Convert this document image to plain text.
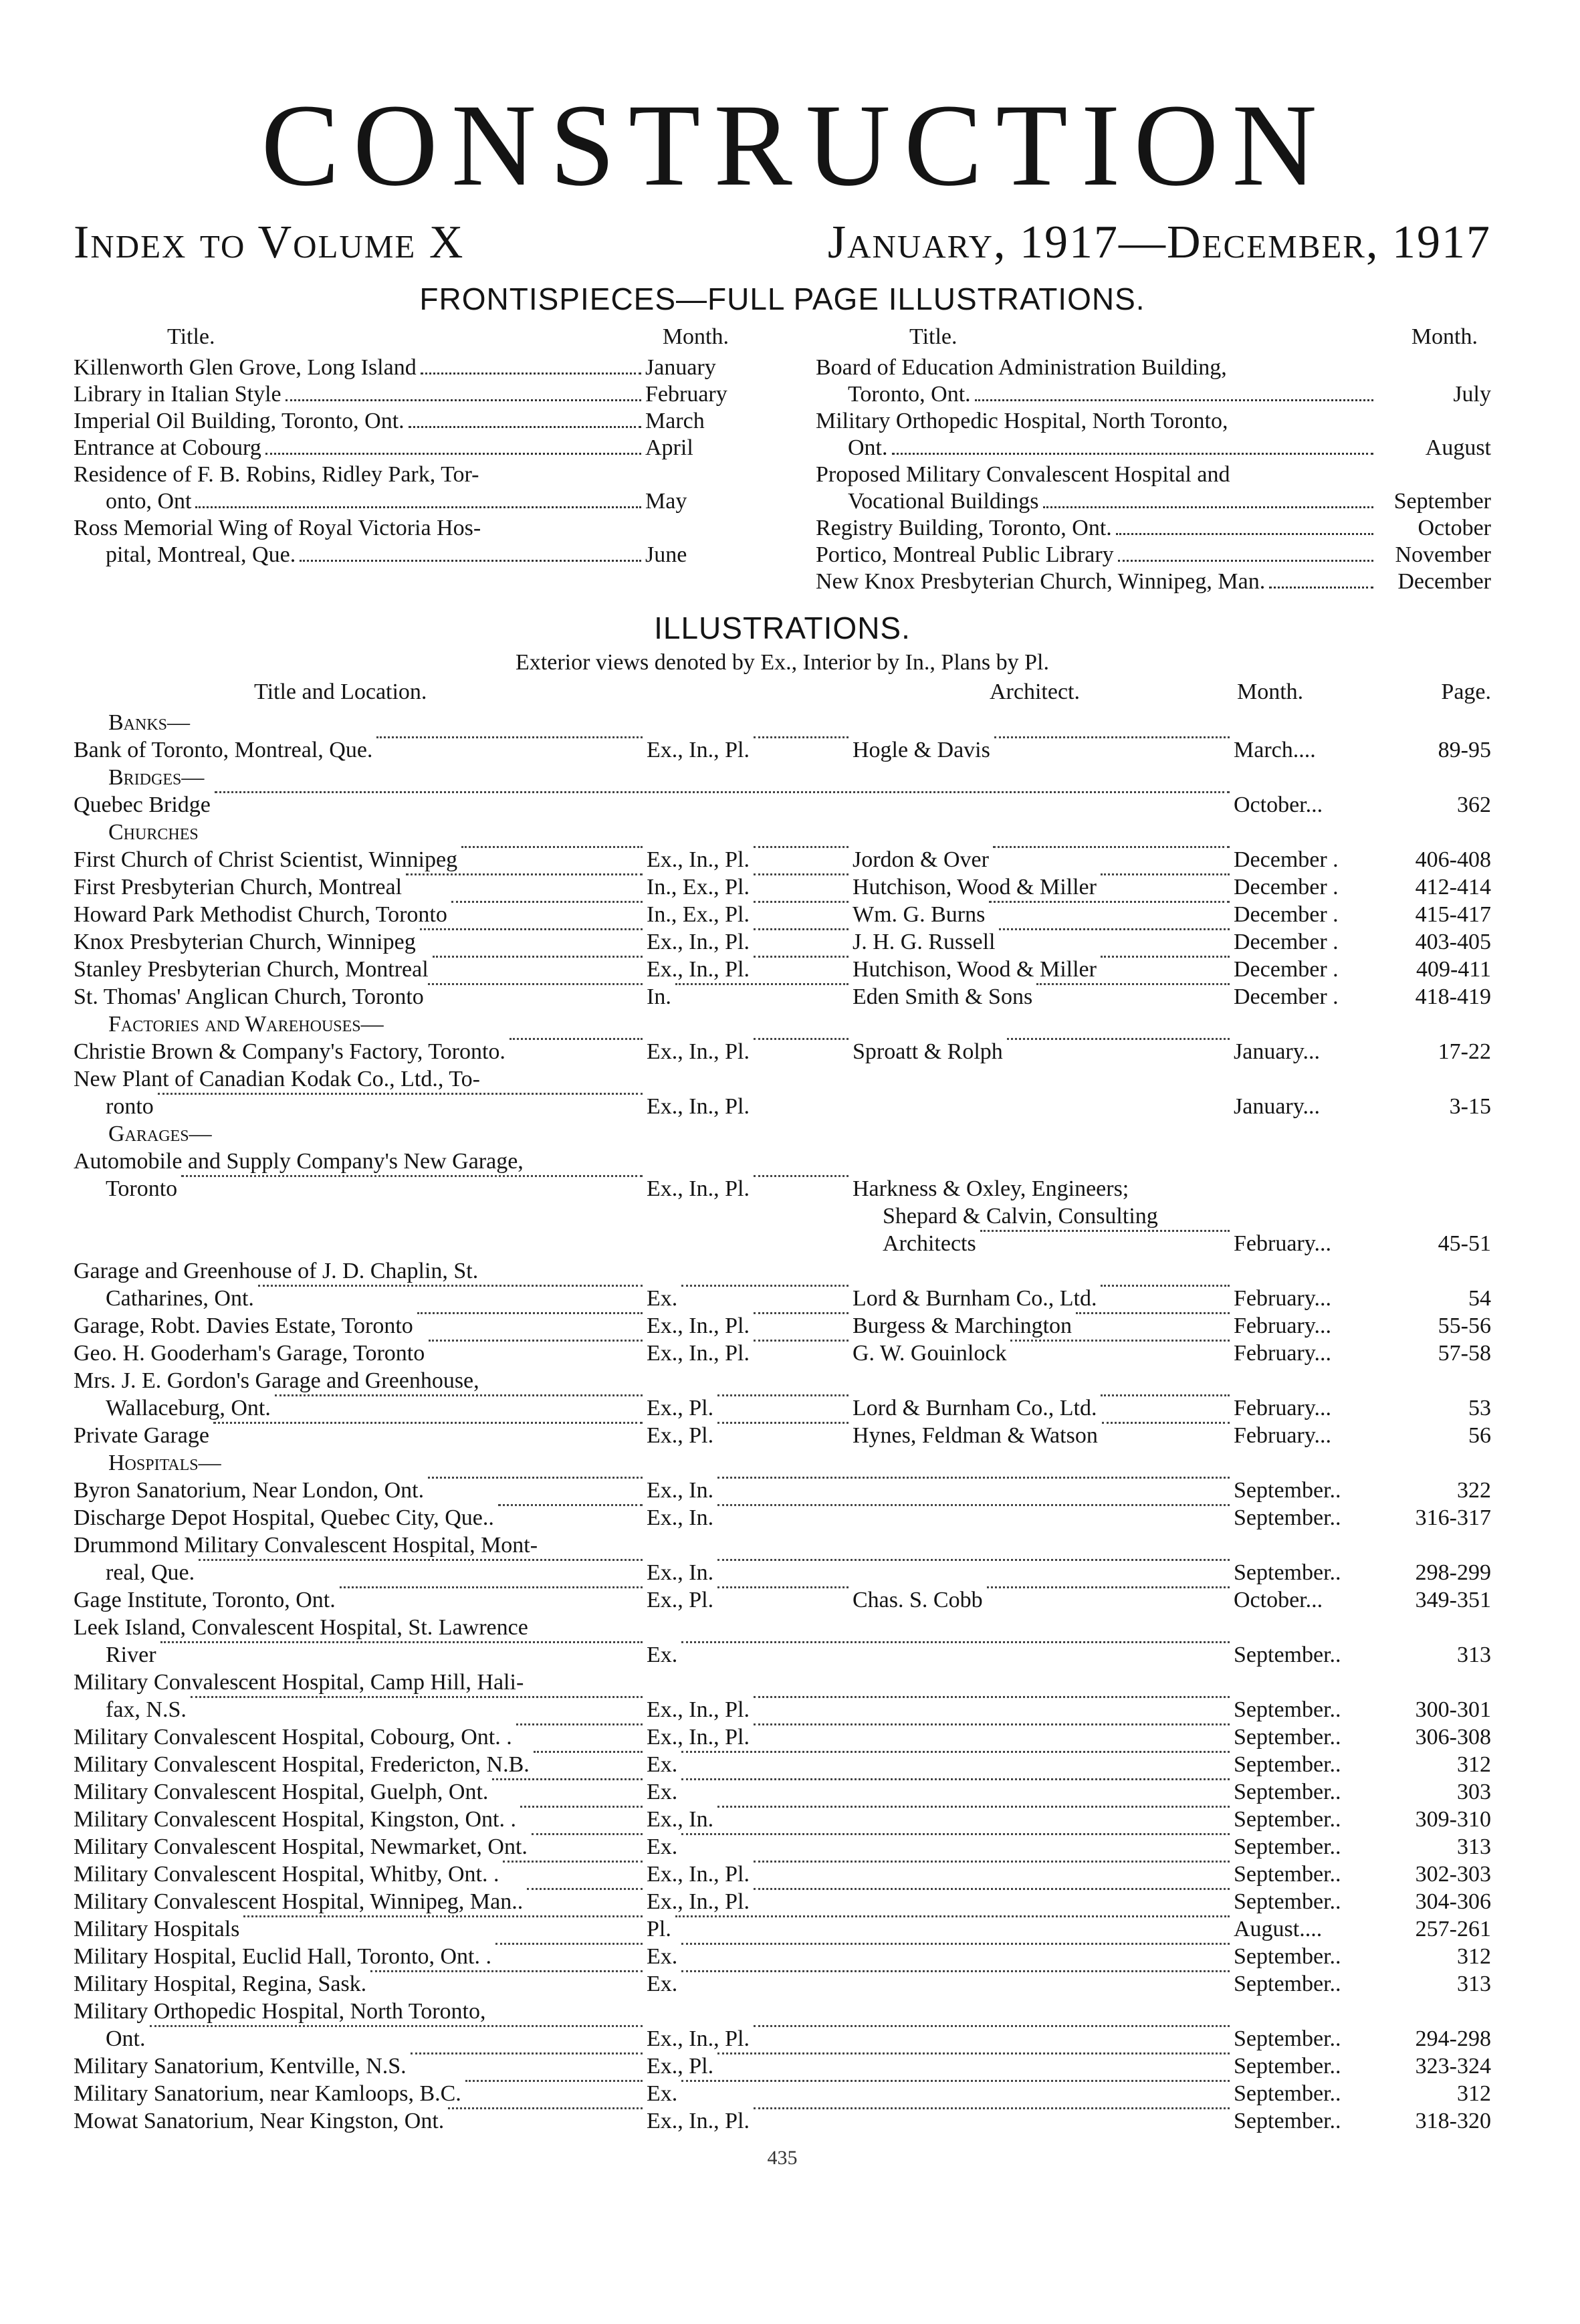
CONSTRUCTION
Index to Volume X	January, 1917—December, 1917
FRONTISPIECES—FULL PAGE ILLUSTRATIONS.
Title.	Month.
Killenworth Glen Grove, Long Island	January
Library in Italian Style	February
Imperial Oil Building, Toronto, Ont.	March
Entrance at Cobourg	April
Residence of F. B. Robins, Ridley Park, Tor-
onto, Ont	May
Ross Memorial Wing of Royal Victoria Hos-
pital, Montreal, Que.	June
Title.	Month.
Board of Education Administration Building,
Toronto, Ont.	July
Military Orthopedic Hospital, North Toronto,
Ont.	August
Proposed Military Convalescent Hospital and
Vocational Buildings	September
Registry Building, Toronto, Ont.	October
Portico, Montreal Public Library	November
New Knox Presbyterian Church, Winnipeg, Man.	December
ILLUSTRATIONS.
Exterior views denoted by Ex., Interior by In., Plans by Pl.
Title and Location.	Architect.	Month.	Page.
Banks—
Bank of Toronto, Montreal, Que.	Ex., In., Pl.	Hogle & Davis	March....	89-95
Bridges—
Quebec Bridge	October...	362
Churches
First Church of Christ Scientist, Winnipeg	Ex., In., Pl.	Jordon & Over	December .	406-408
First Presbyterian Church, Montreal	In., Ex., Pl.	Hutchison, Wood & Miller	December .	412-414
Howard Park Methodist Church, Toronto	In., Ex., Pl.	Wm. G. Burns	December .	415-417
Knox Presbyterian Church, Winnipeg	Ex., In., Pl.	J. H. G. Russell	December .	403-405
Stanley Presbyterian Church, Montreal	Ex., In., Pl.	Hutchison, Wood & Miller	December .	409-411
St. Thomas' Anglican Church, Toronto	In.	Eden Smith & Sons	December .	418-419
Factories and Warehouses—
Christie Brown & Company's Factory, Toronto.	Ex., In., Pl.	Sproatt & Rolph	January...	17-22
New Plant of Canadian Kodak Co., Ltd., To-
ronto	Ex., In., Pl.	January...	3-15
Garages—
Automobile and Supply Company's New Garage,
Toronto	Ex., In., Pl.	Harkness & Oxley, Engineers;
Shepard & Calvin, Consulting
Architects	February...	45-51
Garage and Greenhouse of J. D. Chaplin, St.
Catharines, Ont.	Ex.	Lord & Burnham Co., Ltd.	February...	54
Garage, Robt. Davies Estate, Toronto	Ex., In., Pl.	Burgess & Marchington	February...	55-56
Geo. H. Gooderham's Garage, Toronto	Ex., In., Pl.	G. W. Gouinlock	February...	57-58
Mrs. J. E. Gordon's Garage and Greenhouse,
Wallaceburg, Ont.	Ex., Pl.	Lord & Burnham Co., Ltd.	February...	53
Private Garage	Ex., Pl.	Hynes, Feldman & Watson	February...	56
Hospitals—
Byron Sanatorium, Near London, Ont.	Ex., In.	September..	322
Discharge Depot Hospital, Quebec City, Que..	Ex., In.	September..	316-317
Drummond Military Convalescent Hospital, Mont-
real, Que.	Ex., In.	September..	298-299
Gage Institute, Toronto, Ont.	Ex., Pl.	Chas. S. Cobb	October...	349-351
Leek Island, Convalescent Hospital, St. Lawrence
River	Ex.	September..	313
Military Convalescent Hospital, Camp Hill, Hali-
fax, N.S.	Ex., In., Pl.	September..	300-301
Military Convalescent Hospital, Cobourg, Ont. .	Ex., In., Pl.	September..	306-308
Military Convalescent Hospital, Fredericton, N.B.	Ex.	September..	312
Military Convalescent Hospital, Guelph, Ont.	Ex.	September..	303
Military Convalescent Hospital, Kingston, Ont. .	Ex., In.	September..	309-310
Military Convalescent Hospital, Newmarket, Ont.	Ex.	September..	313
Military Convalescent Hospital, Whitby, Ont. .	Ex., In., Pl.	September..	302-303
Military Convalescent Hospital, Winnipeg, Man..	Ex., In., Pl.	September..	304-306
Military Hospitals	Pl.	August....	257-261
Military Hospital, Euclid Hall, Toronto, Ont. .	Ex.	September..	312
Military Hospital, Regina, Sask.	Ex.	September..	313
Military Orthopedic Hospital, North Toronto,
Ont.	Ex., In., Pl.	September..	294-298
Military Sanatorium, Kentville, N.S.	Ex., Pl.	September..	323-324
Military Sanatorium, near Kamloops, B.C.	Ex.	September..	312
Mowat Sanatorium, Near Kingston, Ont.	Ex., In., Pl.	September..	318-320
435
